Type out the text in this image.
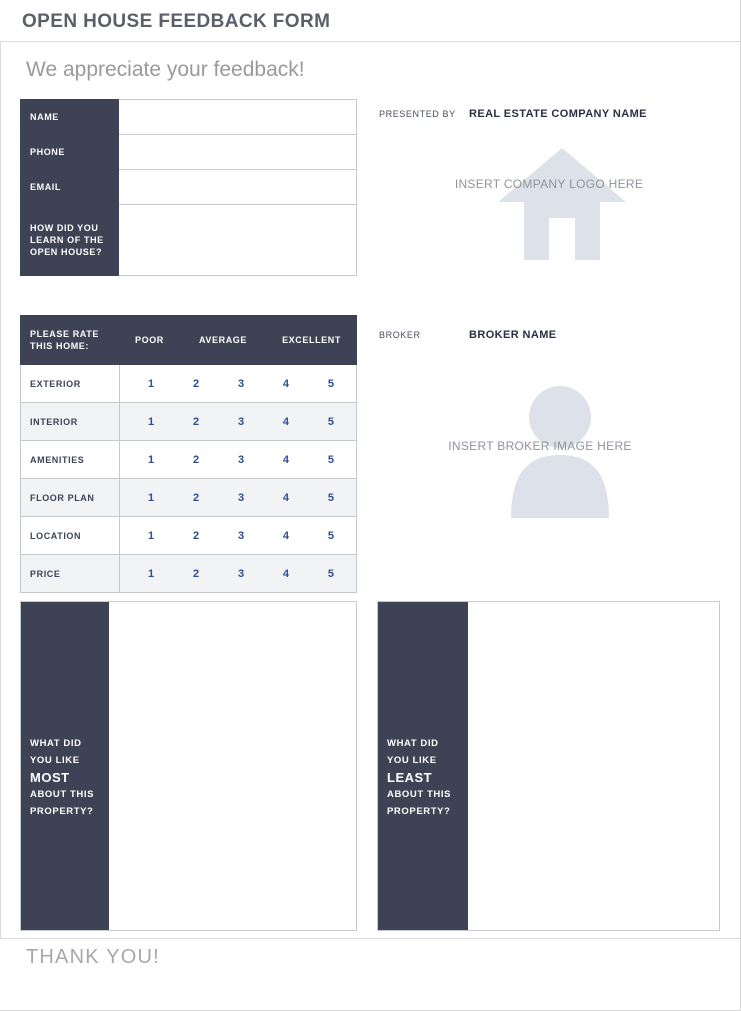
OPEN HOUSE FEEDBACK FORM
We appreciate your feedback!
NAME	
PHONE	
EMAIL	
HOW DID YOU LEARN OF THE OPEN HOUSE?	
PLEASE RATE THIS HOME:	POOR AVERAGE EXCELLENT

EXTERIOR	1 2 3 4 5

INTERIOR	1 2 3 4 5

AMENITIES	1 2 3 4 5

FLOOR PLAN	1 2 3 4 5

LOCATION	1 2 3 4 5

PRICE	1 2 3 4 5
PRESENTED BY REAL ESTATE COMPANY NAME
INSERT COMPANY LOGO HERE
BROKER	BROKER NAME
INSERT BROKER IMAGE HERE
WHAT DID
YOU LIKE
MOST
ABOUT THIS
PROPERTY?
WHAT DID
YOU LIKE
LEAST
ABOUT THIS
PROPERTY?
THANK YOU!
